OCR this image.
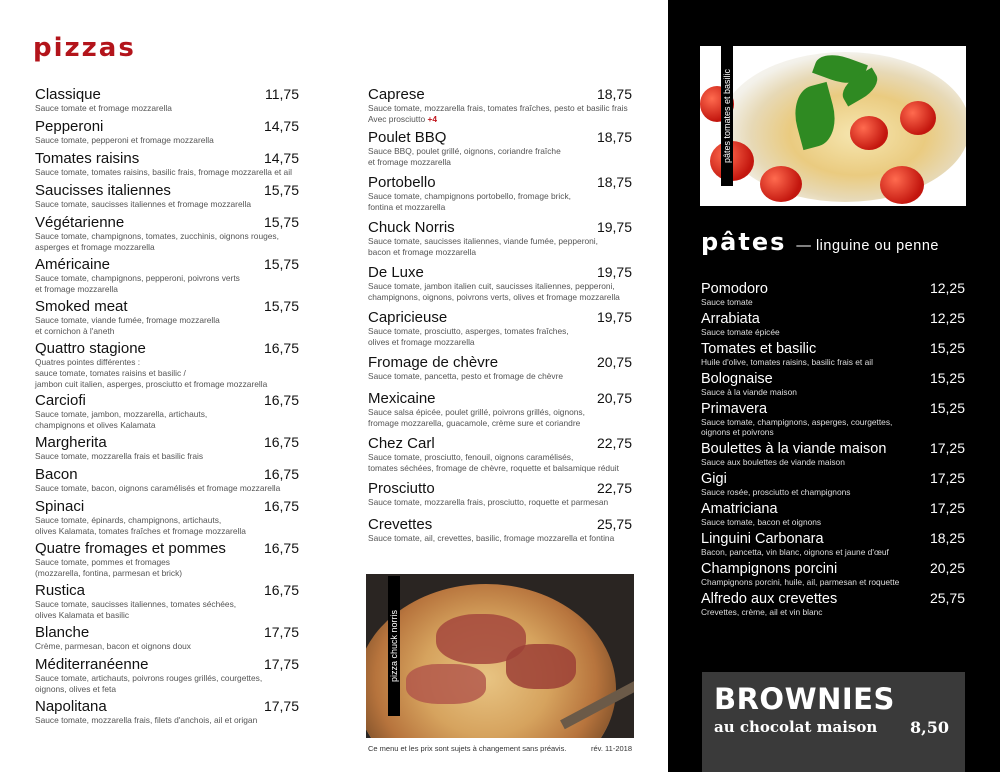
pizzas
Classique	11,75
Sauce tomate et fromage mozzarella
Pepperoni	14,75
Sauce tomate, pepperoni et fromage mozzarella
Tomates raisins	14,75
Sauce tomate, tomates raisins, basilic frais, fromage mozzarella et ail
Saucisses italiennes	15,75
Sauce tomate, saucisses italiennes et fromage mozzarella
Végétarienne	15,75
Sauce tomate, champignons, tomates, zucchinis, oignons rouges,
asperges et fromage mozzarella
Américaine	15,75
Sauce tomate, champignons, pepperoni, poivrons verts
et fromage mozzarella
Smoked meat	15,75
Sauce tomate, viande fumée, fromage mozzarella
et cornichon à l'aneth
Quattro stagione	16,75
Quatres pointes différentes :
sauce tomate, tomates raisins et basilic /
jambon cuit italien, asperges, prosciutto et fromage mozzarella
Carciofi	16,75
Sauce tomate, jambon, mozzarella, artichauts,
champignons et olives Kalamata
Margherita	16,75
Sauce tomate, mozzarella frais et basilic frais
Bacon	16,75
Sauce tomate, bacon, oignons caramélisés et fromage mozzarella
Spinaci	16,75
Sauce tomate, épinards, champignons, artichauts,
olives Kalamata, tomates fraîches et fromage mozzarella
Quatre fromages et pommes	16,75
Sauce tomate, pommes et fromages
(mozzarella, fontina, parmesan et brick)
Rustica	16,75
Sauce tomate, saucisses italiennes, tomates séchées,
olives Kalamata et basilic
Blanche	17,75
Crème, parmesan, bacon et oignons doux
Méditerranéenne	17,75
Sauce tomate, artichauts, poivrons rouges grillés, courgettes,
oignons, olives et feta
Napolitana	17,75
Sauce tomate, mozzarella frais, filets d'anchois, ail et origan
Caprese	18,75
Sauce tomate, mozzarella frais, tomates fraîches, pesto et basilic frais
Avec prosciutto +4
Poulet BBQ	18,75
Sauce BBQ, poulet grillé, oignons, coriandre fraîche
et fromage mozzarella
Portobello	18,75
Sauce tomate, champignons portobello, fromage brick,
fontina et mozzarella
Chuck Norris	19,75
Sauce tomate, saucisses italiennes, viande fumée, pepperoni,
bacon et fromage mozzarella
De Luxe	19,75
Sauce tomate, jambon italien cuit, saucisses italiennes, pepperoni,
champignons, oignons, poivrons verts, olives et fromage mozzarella
Capricieuse	19,75
Sauce tomate, prosciutto, asperges, tomates fraîches,
olives et fromage mozzarella
Fromage de chèvre	20,75
Sauce tomate, pancetta, pesto et fromage de chèvre
Mexicaine	20,75
Sauce salsa épicée, poulet grillé, poivrons grillés, oignons,
fromage mozzarella, guacamole, crème sure et coriandre
Chez Carl	22,75
Sauce tomate, prosciutto, fenouil, oignons caramélisés,
tomates séchées, fromage de chèvre, roquette et balsamique réduit
Prosciutto	22,75
Sauce tomate, mozzarella frais, prosciutto, roquette et parmesan
Crevettes	25,75
Sauce tomate, ail, crevettes, basilic, fromage mozzarella et fontina
pizza chuck norris
Ce menu et les prix sont sujets à changement sans préavis.	rév. 11-2018
pâtes tomates et basilic
pâtes — linguine ou penne
Pomodoro	12,25
Sauce tomate
Arrabiata	12,25
Sauce tomate épicée
Tomates et basilic	15,25
Huile d'olive, tomates raisins, basilic frais et ail
Bolognaise	15,25
Sauce à la viande maison
Primavera	15,25
Sauce tomate, champignons, asperges, courgettes,
oignons et poivrons
Boulettes à la viande maison	17,25
Sauce aux boulettes de viande maison
Gigi	17,25
Sauce rosée, prosciutto et champignons
Amatriciana	17,25
Sauce tomate, bacon et oignons
Linguini Carbonara	18,25
Bacon, pancetta, vin blanc, oignons et jaune d'œuf
Champignons porcini	20,25
Champignons porcini, huile, ail, parmesan et roquette
Alfredo aux crevettes	25,75
Crevettes, crème, ail et vin blanc
BROWNIES
au chocolat maison 8,50
